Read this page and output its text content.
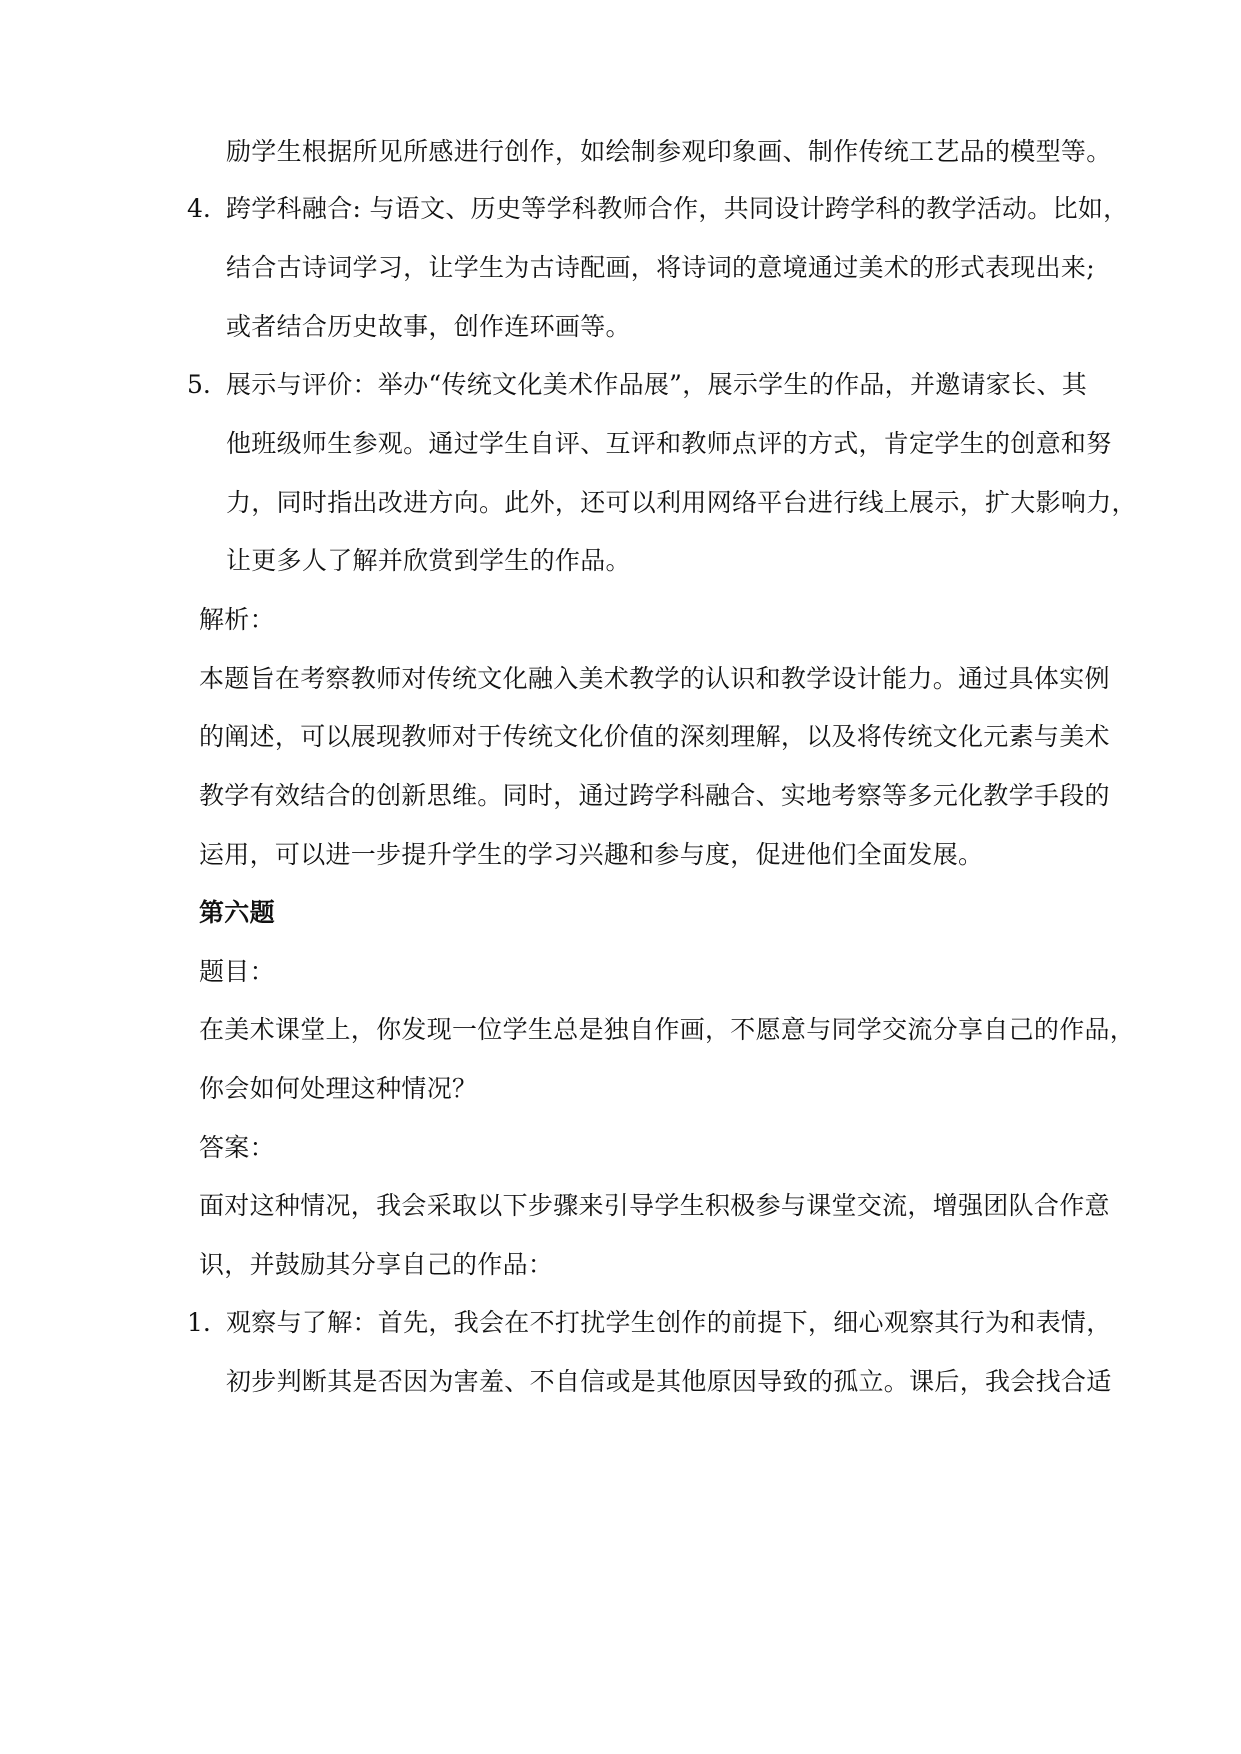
励学生根据所见所感进行创作，如绘制参观印象画、制作传统工艺品的模型等。
4. 跨学科融合: 与语文、历史等学科教师合作，共同设计跨学科的教学活动。比如，
结合古诗词学习，让学生为古诗配画，将诗词的意境通过美术的形式表现出来;
或者结合历史故事，创作连环画等。
5. 展示与评价：举办“传统文化美术作品展”，展示学生的作品，并邀请家长、其
他班级师生参观。通过学生自评、互评和教师点评的方式，肯定学生的创意和努
力，同时指出改进方向。此外，还可以利用网络平台进行线上展示，扩大影响力，
让更多人了解并欣赏到学生的作品。
解析：
本题旨在考察教师对传统文化融入美术教学的认识和教学设计能力。通过具体实例
的阐述，可以展现教师对于传统文化价值的深刻理解，以及将传统文化元素与美术
教学有效结合的创新思维。同时，通过跨学科融合、实地考察等多元化教学手段的
运用，可以进一步提升学生的学习兴趣和参与度，促进他们全面发展。
第六题
题目：
在美术课堂上，你发现一位学生总是独自作画，不愿意与同学交流分享自己的作品，
你会如何处理这种情况？
答案：
面对这种情况，我会采取以下步骤来引导学生积极参与课堂交流，增强团队合作意
识，并鼓励其分享自己的作品：
1. 观察与了解：首先，我会在不打扰学生创作的前提下，细心观察其行为和表情，
初步判断其是否因为害羞、不自信或是其他原因导致的孤立。课后，我会找合适
